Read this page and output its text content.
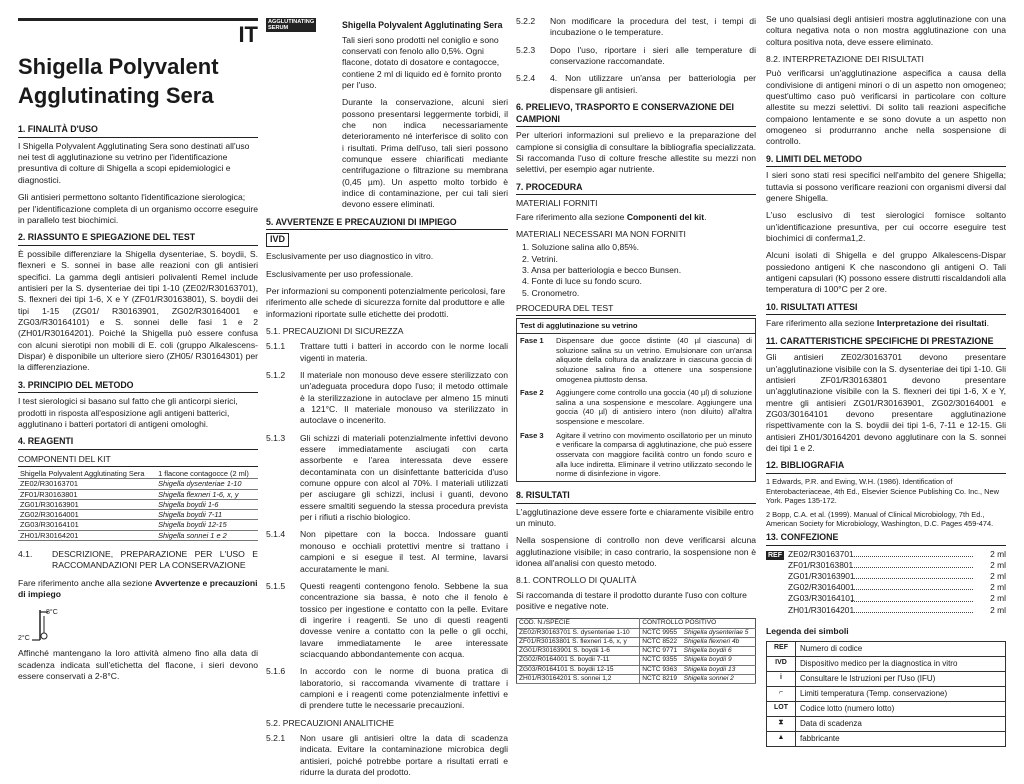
IT
Shigella Polyvalent Agglutinating Sera
1. FINALITÀ D'USO

I Shigella Polyvalent Agglutinating Sera sono destinati all'uso nei test di agglutinazione su vetrino per l'identificazione presuntiva di colture di Shigella a scopi epidemiologici e diagnostici.

Gli antisieri permettono soltanto l'identificazione sierologica; per l'identificazione completa di un organismo occorre eseguire in parallelo test biochimici.

2. RIASSUNTO E SPIEGAZIONE DEL TEST

È possibile differenziare la Shigella dysenteriae, S. boydii, S. flexneri e S. sonnei in base alle reazioni con gli antisieri specifici. La gamma degli antisieri polivalenti Remel include antisieri per la S. dysenteriae dei tipi 1-10 (ZE02/R30163701), S. flexneri dei tipi 1-6, X e Y (ZF01/R30163801), S. boydii dei tipi 1-15 (ZG01/ R30163901, ZG02/R30164001 e ZG03/R30164101) e S. sonnei delle fasi 1 e 2 (ZH01/R30164201). Poiché la Shigella può essere confusa con alcuni sierotipi non mobili di E. coli (gruppo Alkalescens-Dispar) è disponibile un ulteriore siero (ZH05/ R30164301) per la differenziazione.

3. PRINCIPIO DEL METODO

I test sierologici si basano sul fatto che gli anticorpi sierici, prodotti in risposta all'esposizione agli antigeni batterici, agglutinano i batteri portatori di antigeni omologhi.

4. REAGENTI
COMPONENTI DEL KIT
Shigella Polyvalent Agglutinating Sera	1 flacone contagocce (2 ml)
ZE02/R30163701	Shigella dysenteriae 1-10
ZF01/R30163801	Shigella flexneri 1-6, x, y
ZG01/R30163901	Shigella boydii 1-6
ZG02/R30164001	Shigella boydii 7-11
ZG03/R30164101	Shigella boydii 12-15
ZH01/R30164201	Shigella sonnei 1 e 2
4.1.	DESCRIZIONE, PREPARAZIONE PER L'USO E RACCOMANDAZIONI PER LA CONSERVAZIONE

Fare riferimento anche alla sezione Avvertenze e precauzioni di impiego

8°C
2°C

Affinché mantengano la loro attività almeno fino alla data di scadenza indicata sull'etichetta del flacone, i sieri devono essere conservati a 2-8°C.

AGGLUTINATING SERUM	Shigella Polyvalent Agglutinating Sera

Tali sieri sono prodotti nel coniglio e sono conservati con fenolo allo 0,5%. Ogni flacone, dotato di dosatore e contagocce, contiene 2 ml di liquido ed è fornito pronto per l'uso.

Durante la conservazione, alcuni sieri possono presentarsi leggermente torbidi, il che non indica necessariamente deterioramento né interferisce di solito con i risultati. Prima dell'uso, tali sieri possono comunque essere chiarificati mediante centrifugazione o filtrazione su membrana (0,45 µm). Un aspetto molto torbido è indice di contaminazione, per cui tali sieri devono essere eliminati.

5. AVVERTENZE E PRECAUZIONI DI IMPIEGO
IVD

Esclusivamente per uso diagnostico in vitro.

Esclusivamente per uso professionale.

Per informazioni su componenti potenzialmente pericolosi, fare riferimento alle schede di sicurezza fornite dal produttore e alle informazioni riportate sulle etichette dei prodotti.

5.1. PRECAUZIONI DI SICUREZZA
5.1.1	Trattare tutti i batteri in accordo con le norme locali vigenti in materia.
5.1.2	Il materiale non monouso deve essere sterilizzato con un'adeguata procedura dopo l'uso; il metodo ottimale è la sterilizzazione in autoclave per almeno 15 minuti a 121°C. Il materiale monouso va sterilizzato in autoclave o incenerito.
5.1.3	Gli schizzi di materiali potenzialmente infettivi devono essere immediatamente asciugati con carta assorbente e l'area interessata deve essere decontaminata con un disinfettante battericida d'uso comune oppure con alcol al 70%. I materiali utilizzati per asciugare gli schizzi, inclusi i guanti, devono essere smaltiti seguendo la stessa procedura prevista per i rifiuti a rischio biologico.
5.1.4	Non pipettare con la bocca. Indossare guanti monouso e occhiali protettivi mentre si trattano i campioni e si esegue il test. Al termine, lavarsi accuratamente le mani.
5.1.5	Questi reagenti contengono fenolo. Sebbene la sua concentrazione sia bassa, è noto che il fenolo è tossico per ingestione e contatto con la pelle. Evitare di ingerire i reagenti. Se uno di questi reagenti dovesse venire a contatto con la pelle o gli occhi, lavare immediatamente le aree interessate sciacquando abbondantemente con acqua.
5.1.6	In accordo con le norme di buona pratica di laboratorio, si raccomanda vivamente di trattare i campioni e i reagenti come potenzialmente infettivi e di prendere tutte le necessarie precauzioni.
5.2. PRECAUZIONI ANALITICHE
5.2.1	Non usare gli antisieri oltre la data di scadenza indicata. Evitare la contaminazione microbica degli antisieri, poiché potrebbe portare a risultati errati e ridurre la durata del prodotto.
5.2.2	Non modificare la procedura del test, i tempi di incubazione o le temperature.
5.2.3	Dopo l'uso, riportare i sieri alle temperature di conservazione raccomandate.
5.2.4	4. Non utilizzare un'ansa per batteriologia per dispensare gli antisieri.
6. PRELIEVO, TRASPORTO E CONSERVAZIONE DEI CAMPIONI

Per ulteriori informazioni sul prelievo e la preparazione del campione si consiglia di consultare la bibliografia specializzata. Si raccomanda l'uso di colture fresche allestite su mezzi non selettivi, per esempio agar nutriente.

7. PROCEDURA
MATERIALI FORNITI

Fare riferimento alla sezione Componenti del kit.

MATERIALI NECESSARI MA NON FORNITI
1. Soluzione salina allo 0,85%.
2. Vetrini.
3. Ansa per batteriologia e becco Bunsen.
4. Fonte di luce su fondo scuro.
5. Cronometro.
PROCEDURA DEL TEST
Test di agglutinazione su vetrino
Fase 1	Dispensare due gocce distinte (40 µl ciascuna) di soluzione salina su un vetrino. Emulsionare con un'ansa aliquote della coltura da analizzare in ciascuna goccia di soluzione salina fino a ottenere una sospensione omogenea piuttosto densa.
Fase 2	Aggiungere come controllo una goccia (40 µl) di soluzione salina a una sospensione e mescolare. Aggiungere una goccia (40 µl) di antisiero intero (non diluito) all'altra sospensione e mescolare.
Fase 3	Agitare il vetrino con movimento oscillatorio per un minuto e verificare la comparsa di agglutinazione, che può essere osservata con maggiore facilità contro un fondo scuro e alla luce indiretta. Eliminare il vetrino utilizzato secondo le norme di disinfezione in vigore.
8. RISULTATI

L'agglutinazione deve essere forte e chiaramente visibile entro un minuto.

Nella sospensione di controllo non deve verificarsi alcuna agglutinazione visibile; in caso contrario, la sospensione non è idonea all'analisi con questo metodo.

8.1. CONTROLLO DI QUALITÀ

Si raccomanda di testare il prodotto durante l'uso con colture positive e negative note.

COD. N./SPECIE	CONTROLLO POSITIVO	
ZE02/R30163701 S. dysenteriae 1-10	NCTC 9955	Shigella dysenteriae 5
ZF01/R30163801 S. flexneri 1-6, x, y	NCTC 8522	Shigella flexneri 4b
ZG01/R30163901 S. boydii 1-6	NCTC 9771	Shigella boydii 6
ZG02/R0164001 S. boydii 7-11	NCTC 9355	Shigella boydii 9
ZG03/R0164101 S. boydii 12-15	NCTC 9363	Shigella boydii 13
ZH01/R30164201 S. sonnei 1,2	NCTC 8219	Shigella sonnei 2

Se uno qualsiasi degli antisieri mostra agglutinazione con una coltura negativa nota o non mostra agglutinazione con una coltura positiva nota, deve essere eliminato.

8.2. INTERPRETAZIONE DEI RISULTATI

Può verificarsi un'agglutinazione aspecifica a causa della condivisione di antigeni minori o di un aspetto non omogeneo; quest'ultimo caso può verificarsi in particolare con colture allestite su mezzi selettivi. Di solito tali reazioni aspecifiche compaiono lentamente e se sono dovute a un aspetto non omogeneo si produrranno anche nella sospensione di controllo.

9. LIMITI DEL METODO

I sieri sono stati resi specifici nell'ambito del genere Shigella; tuttavia si possono verificare reazioni con organismi diversi dal genere Shigella.

L'uso esclusivo di test sierologici fornisce soltanto un'identificazione presuntiva, per cui occorre eseguire test biochimici di conferma1,2.

Alcuni isolati di Shigella e del gruppo Alkalescens-Dispar possiedono antigeni K che nascondono gli antigeni O. Tali antigeni capsulari (K) possono essere distrutti riscaldandoli alla temperatura di 100°C per 2 ore.

10. RISULTATI ATTESI

Fare riferimento alla sezione Interpretazione dei risultati.

11. CARATTERISTICHE SPECIFICHE DI PRESTAZIONE

Gli antisieri ZE02/30163701 devono presentare un'agglutinazione visibile con la S. dysenteriae dei tipi 1-10. Gli antisieri ZF01/R30163801 devono presentare un'agglutinazione visibile con la S. flexneri dei tipi 1-6, X e Y, mentre gli antisieri ZG01/R30163901, ZG02/30164001 e ZG03/30164101 devono presentare agglutinazione rispettivamente con la S. boydii dei tipi 1-6, 7-11 e 12-15. Gli antisieri ZH01/30164201 devono agglutinare con la S. sonnei dei tipi 1 e 2.

12. BIBLIOGRAFIA
1 Edwards, P.R. and Ewing, W.H. (1986). Identification of Enterobacteriaceae, 4th Ed., Elsevier Science Publishing Co. Inc., New York. Pages 135-172.
2 Bopp, C.A. et al. (1999). Manual of Clinical Microbiology, 7th Ed., American Society for Microbiology, Washington, D.C. Pages 459-474.
13. CONFEZIONE
REF ZE02/R30163701	2 ml
ZF01/R30163801	2 ml
ZG01/R30163901	2 ml
ZG02/R30164001	2 ml
ZG03/R30164101	2 ml
ZH01/R30164201	2 ml
Legenda dei simboli
REF	Numero di codice
IVD	Dispositivo medico per la diagnostica in vitro
i	Consultare le Istruzioni per l'Uso (IFU)
⌐	Limiti temperatura (Temp. conservazione)
LOT	Codice lotto (numero lotto)
⧗	Data di scadenza
▲	fabbricante
